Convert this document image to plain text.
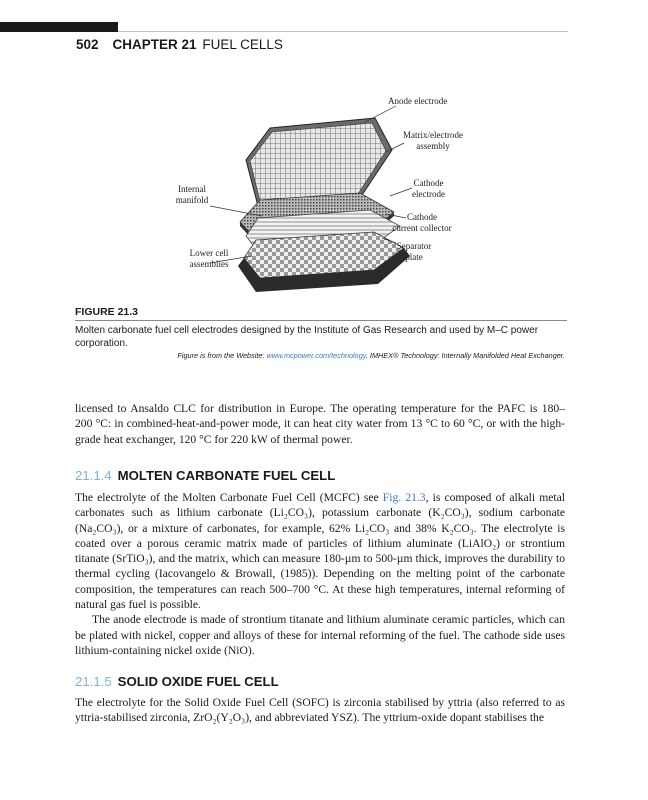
502 CHAPTER 21 FUEL CELLS
Anode electrode
Matrix/electrode
assembly
Cathode
electrode
Cathode
current collector
Separator
plate
Internal
manifold
Lower cell
assemblies
FIGURE 21.3
Molten carbonate fuel cell electrodes designed by the Institute of Gas Research and used by M–C power corporation.
Figure is from the Website: www.mcpower.com/technology. IMHEX® Technology: Internally Manifolded Heat Exchanger.
licensed to Ansaldo CLC for distribution in Europe. The operating temperature for the PAFC is 180–200 °C: in combined-heat-and-power mode, it can heat city water from 13 °C to 60 °C, or with the high-grade heat exchanger, 120 °C for 220 kW of thermal power.
21.1.4 MOLTEN CARBONATE FUEL CELL
The electrolyte of the Molten Carbonate Fuel Cell (MCFC) see Fig. 21.3, is composed of alkali metal carbonates such as lithium carbonate (Li₂CO₃), potassium carbonate (K₂CO₃), sodium carbonate (Na₂CO₃), or a mixture of carbonates, for example, 62% Li₂CO₃ and 38% K₂CO₃. The electrolyte is coated over a porous ceramic matrix made of particles of lithium aluminate (LiAlO₂) or strontium titanate (SrTiO₃), and the matrix, which can measure 180-µm to 500-µm thick, improves the durability to thermal cycling (Iacovangelo & Browall, (1985)). Depending on the melting point of the carbonate composition, the temperatures can reach 500–700 °C. At these high temperatures, internal reforming of natural gas fuel is possible.
The anode electrode is made of strontium titanate and lithium aluminate ceramic particles, which can be plated with nickel, copper and alloys of these for internal reforming of the fuel. The cathode side uses lithium-containing nickel oxide (NiO).
21.1.5 SOLID OXIDE FUEL CELL
The electrolyte for the Solid Oxide Fuel Cell (SOFC) is zirconia stabilised by yttria (also referred to as yttria-stabilised zirconia, ZrO₂(Y₂O₃), and abbreviated YSZ). The yttrium-oxide dopant stabilises the
